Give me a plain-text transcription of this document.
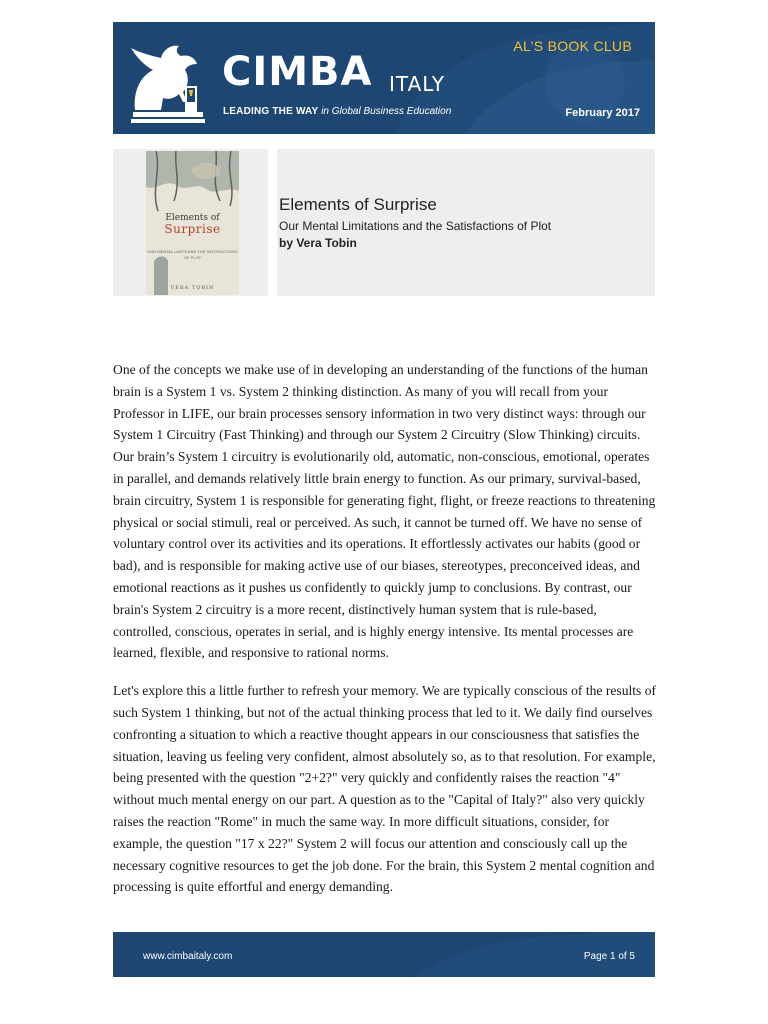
CIMBA ITALY
LEADING THE WAY in Global Business Education
AL’S BOOK CLUB
February 2017
Elements of
Surprise
OUR MENTAL LIMITS AND THE SATISFACTIONS OF PLOT
VERA TOBIN
Elements of Surprise
Our Mental Limitations and the Satisfactions of Plot
by Vera Tobin

One of the concepts we make use of in developing an understanding of the functions of the human brain is a System 1 vs. System 2 thinking distinction. As many of you will recall from your Professor in LIFE, our brain processes sensory information in two very distinct ways: through our System 1 Circuitry (Fast Thinking) and through our System 2 Circuitry (Slow Thinking) circuits. Our brain’s System 1 circuitry is evolutionarily old, automatic, non-conscious, emotional, operates in parallel, and demands relatively little brain energy to function. As our primary, survival-based, brain circuitry, System 1 is responsible for generating fight, flight, or freeze reactions to threatening physical or social stimuli, real or perceived. As such, it cannot be turned off. We have no sense of voluntary control over its activities and its operations. It effortlessly activates our habits (good or bad), and is responsible for making active use of our biases, stereotypes, preconceived ideas, and emotional reactions as it pushes us confidently to quickly jump to conclusions. By contrast, our brain's System 2 circuitry is a more recent, distinctively human system that is rule-based, controlled, conscious, operates in serial, and is highly energy intensive. Its mental processes are learned, flexible, and responsive to rational norms.

Let's explore this a little further to refresh your memory. We are typically conscious of the results of such System 1 thinking, but not of the actual thinking process that led to it. We daily find ourselves confronting a situation to which a reactive thought appears in our consciousness that satisfies the situation, leaving us feeling very confident, almost absolutely so, as to that resolution. For example, being presented with the question "2+2?" very quickly and confidently raises the reaction "4" without much mental energy on our part. A question as to the "Capital of Italy?" also very quickly raises the reaction "Rome" in much the same way. In more difficult situations, consider, for example, the question "17 x 22?" System 2 will focus our attention and consciously call up the necessary cognitive resources to get the job done. For the brain, this System 2 mental cognition and processing is quite effortful and energy demanding.

www.cimbaitaly.com	Page 1 of 5
